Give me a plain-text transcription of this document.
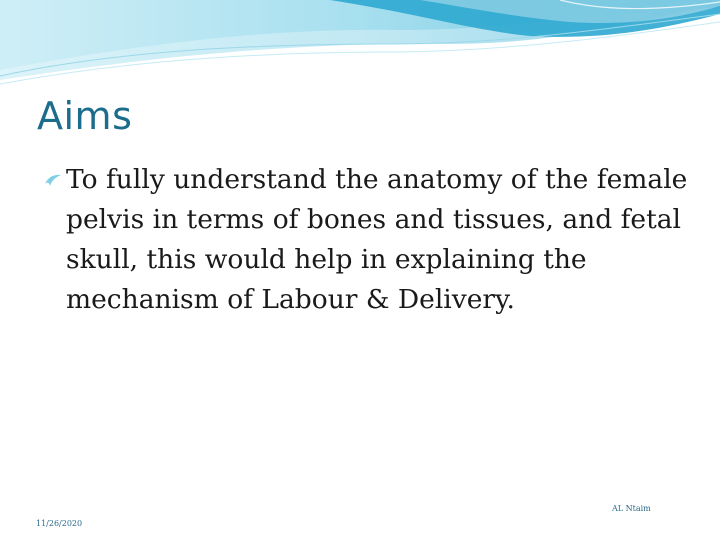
Aims
To fully understand the anatomy of the female pelvis in terms of bones and tissues, and fetal skull, this would help in explaining the mechanism of Labour & Delivery.
AL Ntaim
11/26/2020
